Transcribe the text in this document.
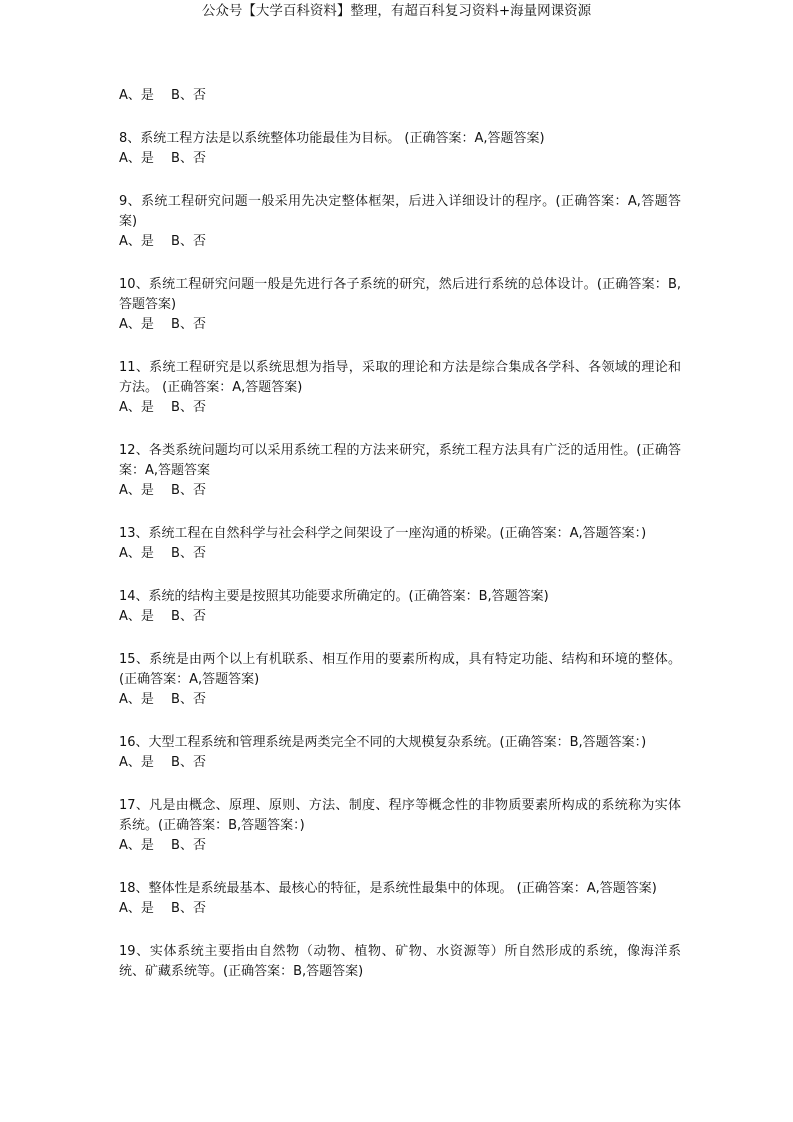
公众号【大学百科资料】整理，有超百科复习资料+海量网课资源
A、是　 B、否

8、系统工程方法是以系统整体功能最佳为目标。 (正确答案：A,答题答案)

A、是　 B、否

9、系统工程研究问题一般采用先决定整体框架，后进入详细设计的程序。(正确答案：A,答题答案)

A、是　 B、否

10、系统工程研究问题一般是先进行各子系统的研究，然后进行系统的总体设计。(正确答案：B,答题答案)

A、是　 B、否

11、系统工程研究是以系统思想为指导，采取的理论和方法是综合集成各学科、各领域的理论和方法。 (正确答案：A,答题答案)

A、是　 B、否

12、各类系统问题均可以采用系统工程的方法来研究，系统工程方法具有广泛的适用性。(正确答案：A,答题答案

A、是　 B、否

13、系统工程在自然科学与社会科学之间架设了一座沟通的桥梁。(正确答案：A,答题答案：)

A、是　 B、否

14、系统的结构主要是按照其功能要求所确定的。(正确答案：B,答题答案)

A、是　 B、否

15、系统是由两个以上有机联系、相互作用的要素所构成，具有特定功能、结构和环境的整体。(正确答案：A,答题答案)

A、是　 B、否

16、大型工程系统和管理系统是两类完全不同的大规模复杂系统。(正确答案：B,答题答案：)

A、是　 B、否

17、凡是由概念、原理、原则、方法、制度、程序等概念性的非物质要素所构成的系统称为实体系统。(正确答案：B,答题答案：)

A、是　 B、否

18、整体性是系统最基本、最核心的特征，是系统性最集中的体现。 (正确答案：A,答题答案)

A、是　 B、否

19、实体系统主要指由自然物（动物、植物、矿物、水资源等）所自然形成的系统，像海洋系统、矿藏系统等。(正确答案：B,答题答案)
